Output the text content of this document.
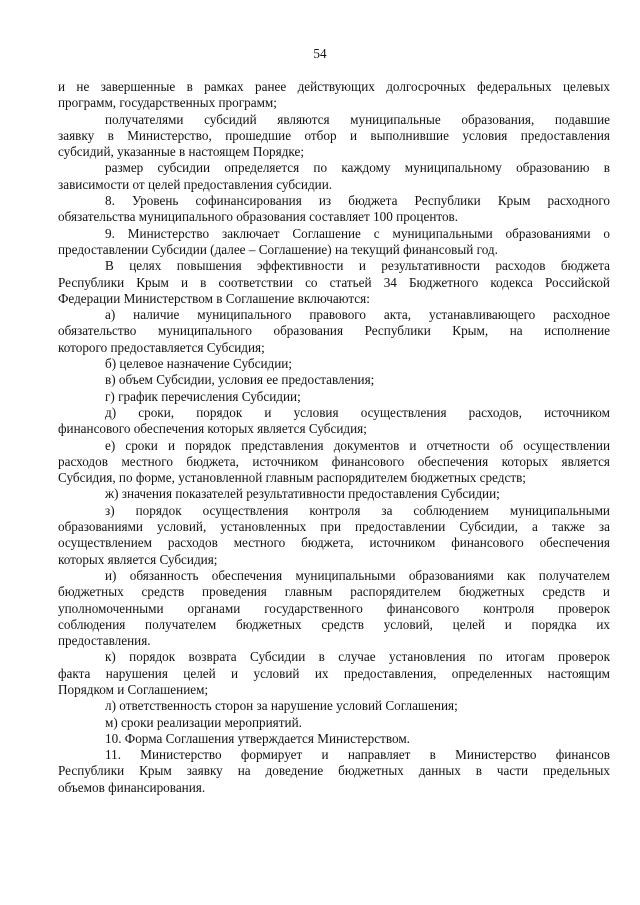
54
и не завершенные в рамках ранее действующих долгосрочных федеральных целевых
программ, государственных программ;
получателями субсидий являются муниципальные образования, подавшие
заявку в Министерство, прошедшие отбор и выполнившие условия предоставления
субсидий, указанные в настоящем Порядке;
размер субсидии определяется по каждому муниципальному образованию в
зависимости от целей предоставления субсидии.
8. Уровень софинансирования из бюджета Республики Крым расходного
обязательства муниципального образования составляет 100 процентов.
9. Министерство заключает Соглашение с муниципальными образованиями о
предоставлении Субсидии (далее – Соглашение) на текущий финансовый год.
В целях повышения эффективности и результативности расходов бюджета
Республики Крым и в соответствии со статьей 34 Бюджетного кодекса Российской
Федерации Министерством в Соглашение включаются:
а) наличие муниципального правового акта, устанавливающего расходное
обязательство муниципального образования Республики Крым, на исполнение
которого предоставляется Субсидия;
б) целевое назначение Субсидии;
в) объем Субсидии, условия ее предоставления;
г) график перечисления Субсидии;
д) сроки, порядок и условия осуществления расходов, источником
финансового обеспечения которых является Субсидия;
е) сроки и порядок представления документов и отчетности об осуществлении
расходов местного бюджета, источником финансового обеспечения которых является
Субсидия, по форме, установленной главным распорядителем бюджетных средств;
ж) значения показателей результативности предоставления Субсидии;
з) порядок осуществления контроля за соблюдением муниципальными
образованиями условий, установленных при предоставлении Субсидии, а также за
осуществлением расходов местного бюджета, источником финансового обеспечения
которых является Субсидия;
и) обязанность обеспечения муниципальными образованиями как получателем
бюджетных средств проведения главным распорядителем бюджетных средств и
уполномоченными органами государственного финансового контроля проверок
соблюдения получателем бюджетных средств условий, целей и порядка их
предоставления.
к) порядок возврата Субсидии в случае установления по итогам проверок
факта нарушения целей и условий их предоставления, определенных настоящим
Порядком и Соглашением;
л) ответственность сторон за нарушение условий Соглашения;
м) сроки реализации мероприятий.
10. Форма Соглашения утверждается Министерством.
11. Министерство формирует и направляет в Министерство финансов
Республики Крым заявку на доведение бюджетных данных в части предельных
объемов финансирования.
